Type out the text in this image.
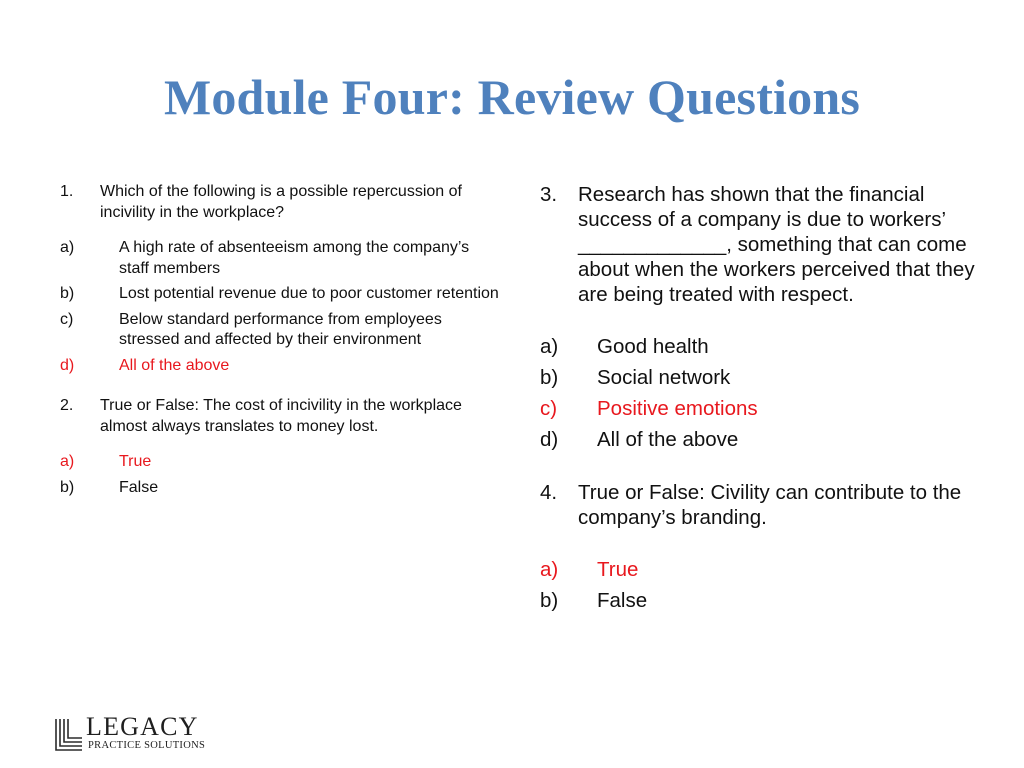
Module Four: Review Questions
1. Which of the following is a possible repercussion of incivility in the workplace?
a)	A high rate of absenteeism among the company’s staff members
b)	Lost potential revenue due to poor customer retention
c)	Below standard performance from employees stressed and affected by their environment
d)	All of the above
2. True or False: The cost of incivility in the workplace almost always translates to money lost.
a)	True
b)	False
3. Research has shown that the financial success of a company is due to workers’ _____________, something that can come about when the workers perceived that they are being treated with respect.
a) Good health
b) Social network
c) Positive emotions
d) All of the above
4. True or False: Civility can contribute to the company’s branding.
a) True
b) False
LEGACY
PRACTICE SOLUTIONS
